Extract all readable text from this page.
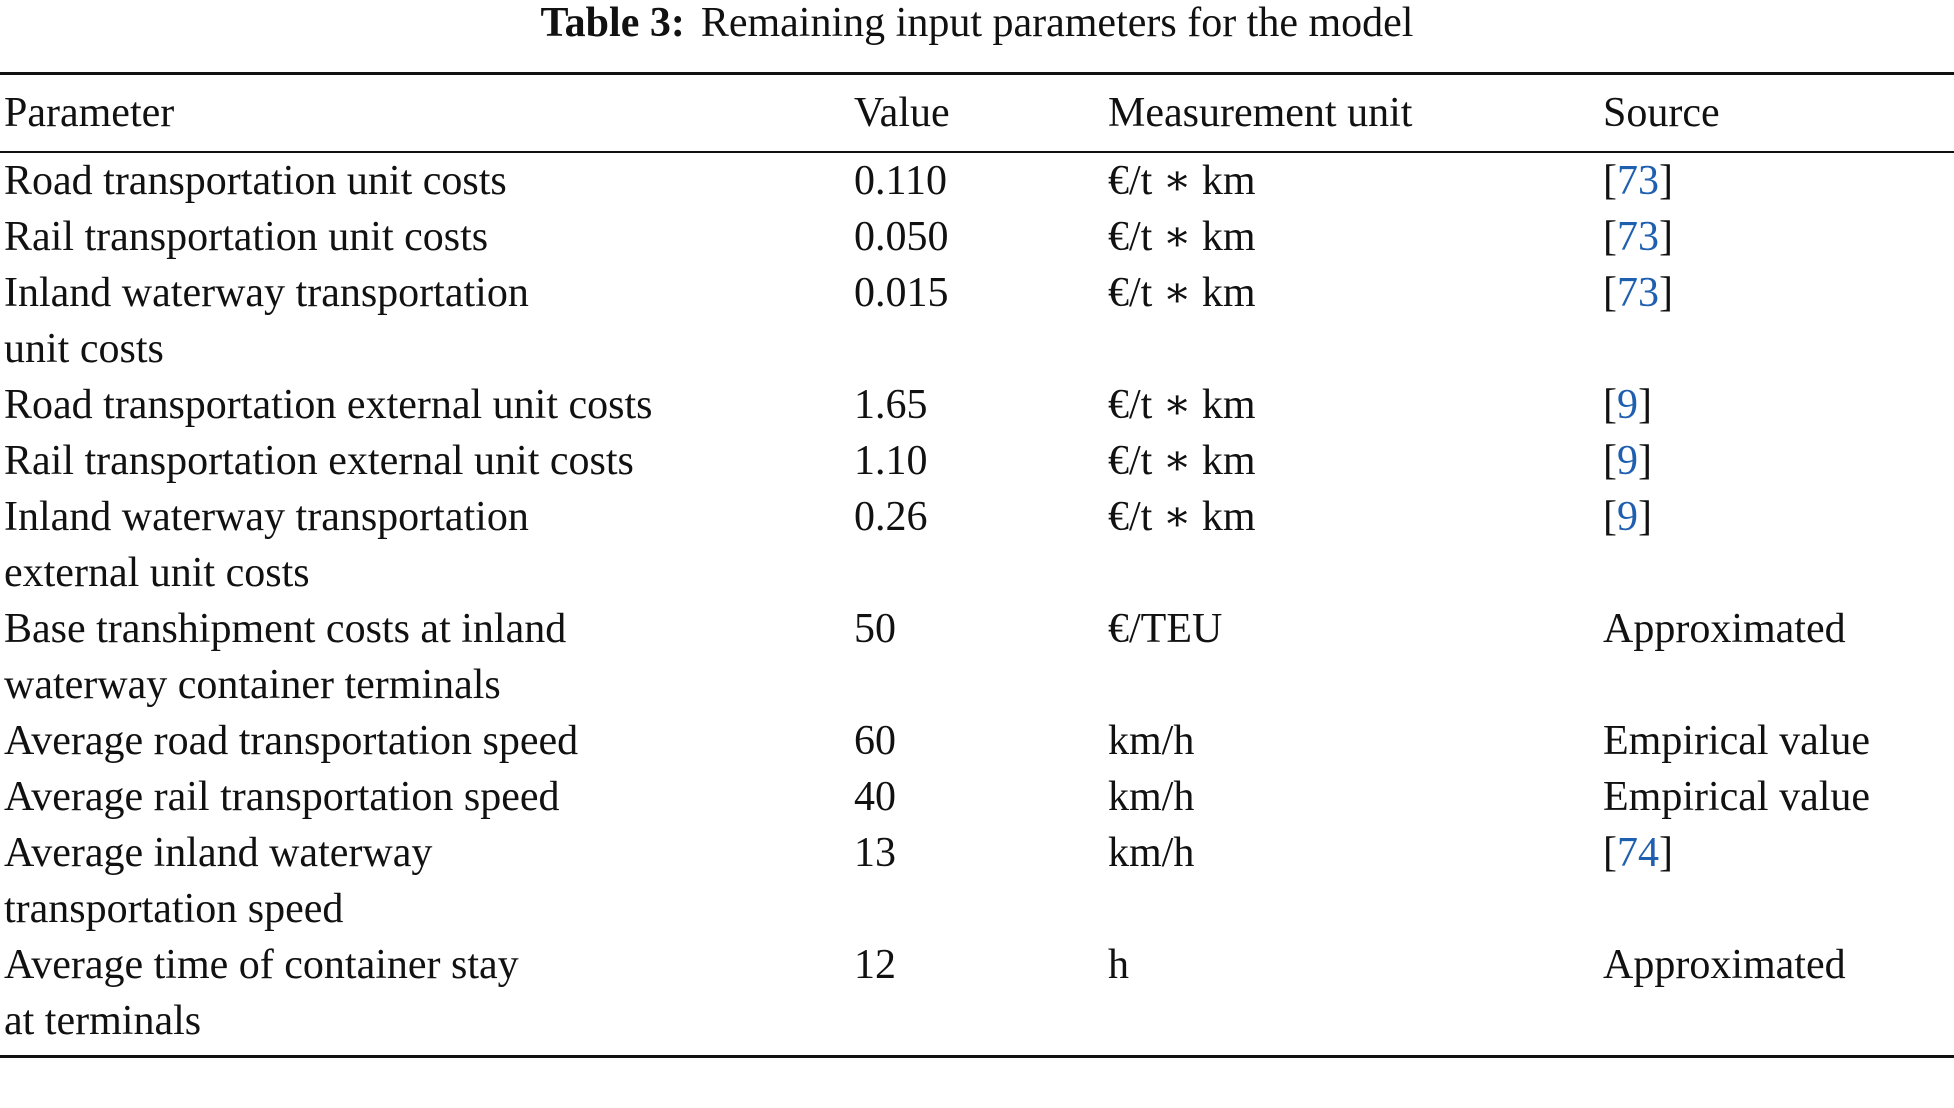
Table 3: Remaining input parameters for the model
Parameter	Value	Measurement unit	Source

Road transportation unit costs	0.110	€/t ∗ km	[73]
Rail transportation unit costs	0.050	€/t ∗ km	[73]
Inland waterway transportation
unit costs	0.015	€/t ∗ km	[73]
Road transportation external unit costs	1.65	€/t ∗ km	[9]
Rail transportation external unit costs	1.10	€/t ∗ km	[9]
Inland waterway transportation
external unit costs	0.26	€/t ∗ km	[9]
Base transhipment costs at inland
waterway container terminals	50	€/TEU	Approximated
Average road transportation speed	60	km/h	Empirical value
Average rail transportation speed	40	km/h	Empirical value
Average inland waterway
transportation speed	13	km/h	[74]
Average time of container stay
at terminals	12	h	Approximated
